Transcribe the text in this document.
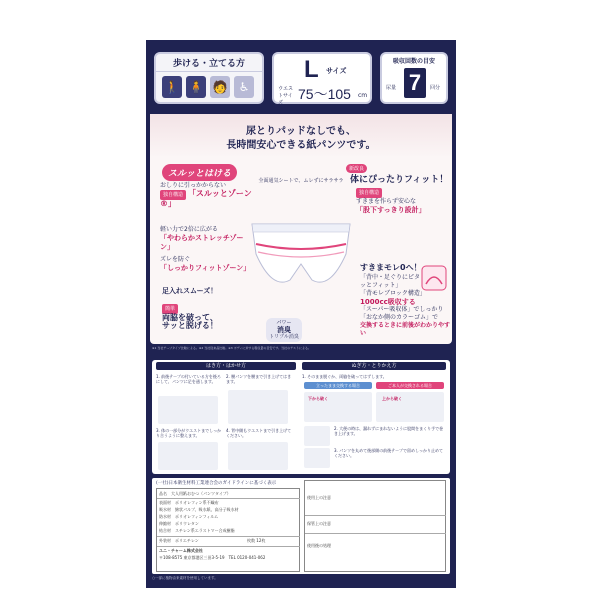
歩ける・立てる方
🚶 🧍 🧑 ♿
L サイズ
ウエストサイズ
75〜105 cm
吸収回数の目安
尿量 7	回分
尿とりパッドなしでも、
長時間安心できる紙パンツです。
スルッとはける
おしりに引っかからない
独自構造 「スルッとゾーン®」
軽い力で2倍に広がる
「やわらかストレッチゾーン」
ズレを防ぐ
「しっかりフィットゾーン」
全面通気シートで、ムレずにサラサラ
新改良
体にぴったりフィット！
独自構造
すきまを作らず安心な
「股下すっきり設計」
すきまモレ0へ！
「背中・足ぐりにピタッとフィット」
「背モレブロック構造」
1000cc吸収する
「スーパー吸収体」でしっかり
「おなか側のカラーゴム」で
交換するときに前後がわかりやすい
足入れスムーズ！
簡単
両脇を破って、
サッと脱げる！	パワー
消臭
トリプル消臭
※1 当社テープタイプ比較による。※2 当社従来品比較。※3 ボディに対する吸収量の目安です。当社のテストによる。
はき方・はかせ方	ぬぎ方・とりかえ方
1. 前後テープの付いている方を後ろにして、パンツに足を通します。
2. 腰パンツを腰まで引き上げてはきます。
3. 体の一部分がウエストまでしっかり合うように整えます。
4. 背中側もウエストまで引き上げてください。
1. そのまま脱ぐか、両脇を破ってはずします。
立ったまま交換する場合	ご本人が交換される場合
下から破く	上から破く
2. 大便の時は、漏れずにまれないように股間をまくり手で巻き上げます。
3. パンツを丸めて後部側の前後テープで留めしっかり止めてください。
(一社)日本衛生材料工業連合会のガイドラインに基づく表示
品名　大人用紙おむつ（パンツタイプ）
表面材　ポリオレフィン系不織布
吸水材　綿状パルプ、吸水紙、高分子吸水材
防水材　ポリオレフィンフィルム
伸縮材　ポリウレタン
結合材　スチレン系エラストマー合成樹脂
外装材　ポリエチレン	枚数 12枚
ユニ・チャーム株式会社
〒108-8575 東京都港区三田3-5-19　TEL 0120-041-062
使用上の注意
保管上の注意
使用後の処理
○一部に植物由来素材を使用しています。
